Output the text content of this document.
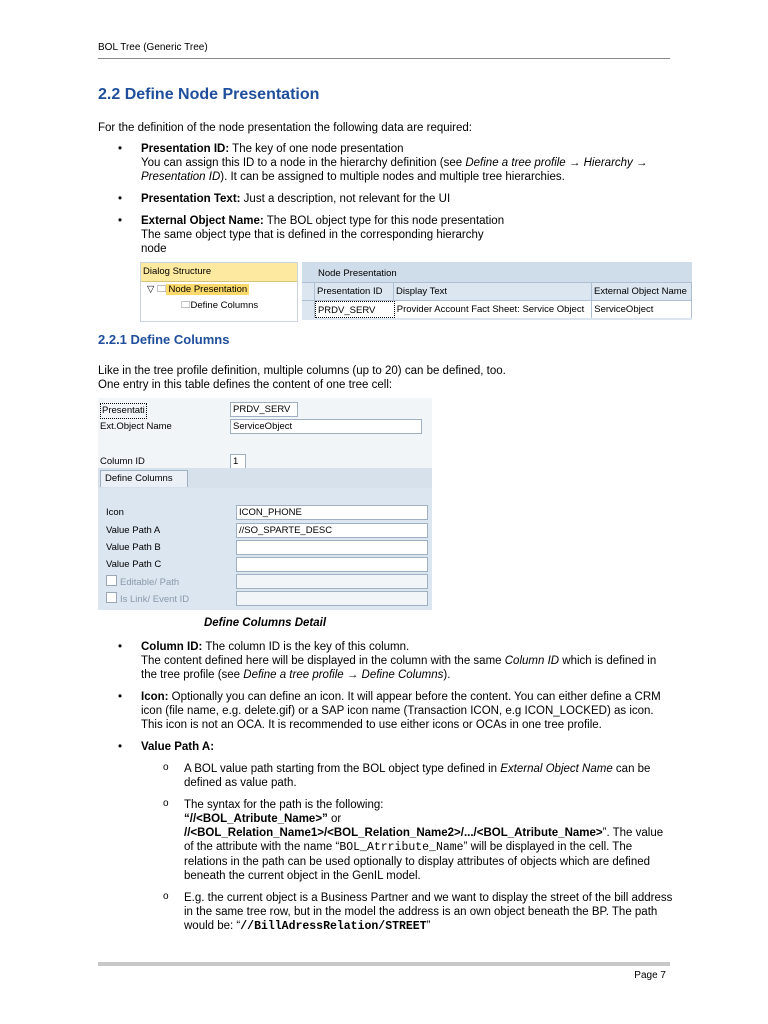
BOL Tree (Generic Tree)
2.2 Define Node Presentation
For the definition of the node presentation the following data are required:
• Presentation ID: The key of one node presentation
You can assign this ID to a node in the hierarchy definition (see Define a tree profile → Hierarchy → Presentation ID). It can be assigned to multiple nodes and multiple tree hierarchies.
• Presentation Text: Just a description, not relevant for the UI
• External Object Name: The BOL object type for this node presentation
The same object type that is defined in the corresponding hierarchy
node
Dialog Structure
▽ 🗀 Node Presentation
🗀Define Columns
Node Presentation
Presentation ID	Display Text	External Object Name
PRDV_SERV	Provider Account Fact Sheet: Service Object	ServiceObject
2.2.1 Define Columns
Like in the tree profile definition, multiple columns (up to 20) can be defined, too.
One entry in this table defines the content of one tree cell:
Presentati	PRDV_SERV
Ext.Object Name	ServiceObject
Column ID	1
Define Columns
Icon	ICON_PHONE
Value Path A	//SO_SPARTE_DESC
Value Path B
Value Path C
Editable/ Path
Is Link/ Event ID
Define Columns Detail
• Column ID: The column ID is the key of this column.
The content defined here will be displayed in the column with the same Column ID which is defined in the tree profile (see Define a tree profile → Define Columns).
• Icon: Optionally you can define an icon. It will appear before the content. You can either define a CRM icon (file name, e.g. delete.gif) or a SAP icon name (Transaction ICON, e.g ICON_LOCKED) as icon. This icon is not an OCA. It is recommended to use either icons or OCAs in one tree profile.
• Value Path A:
o A BOL value path starting from the BOL object type defined in External Object Name can be defined as value path.
o The syntax for the path is the following:
“//<BOL_Atribute_Name>” or
//<BOL_Relation_Name1>/<BOL_Relation_Name2>/.../<BOL_Atribute_Name>”. The value of the attribute with the name “BOL_Atrribute_Name” will be displayed in the cell. The relations in the path can be used optionally to display attributes of objects which are defined beneath the current object in the GenIL model.
o E.g. the current object is a Business Partner and we want to display the street of the bill address in the same tree row, but in the model the address is an own object beneath the BP. The path would be: “//BillAdressRelation/STREET”
Page 7
